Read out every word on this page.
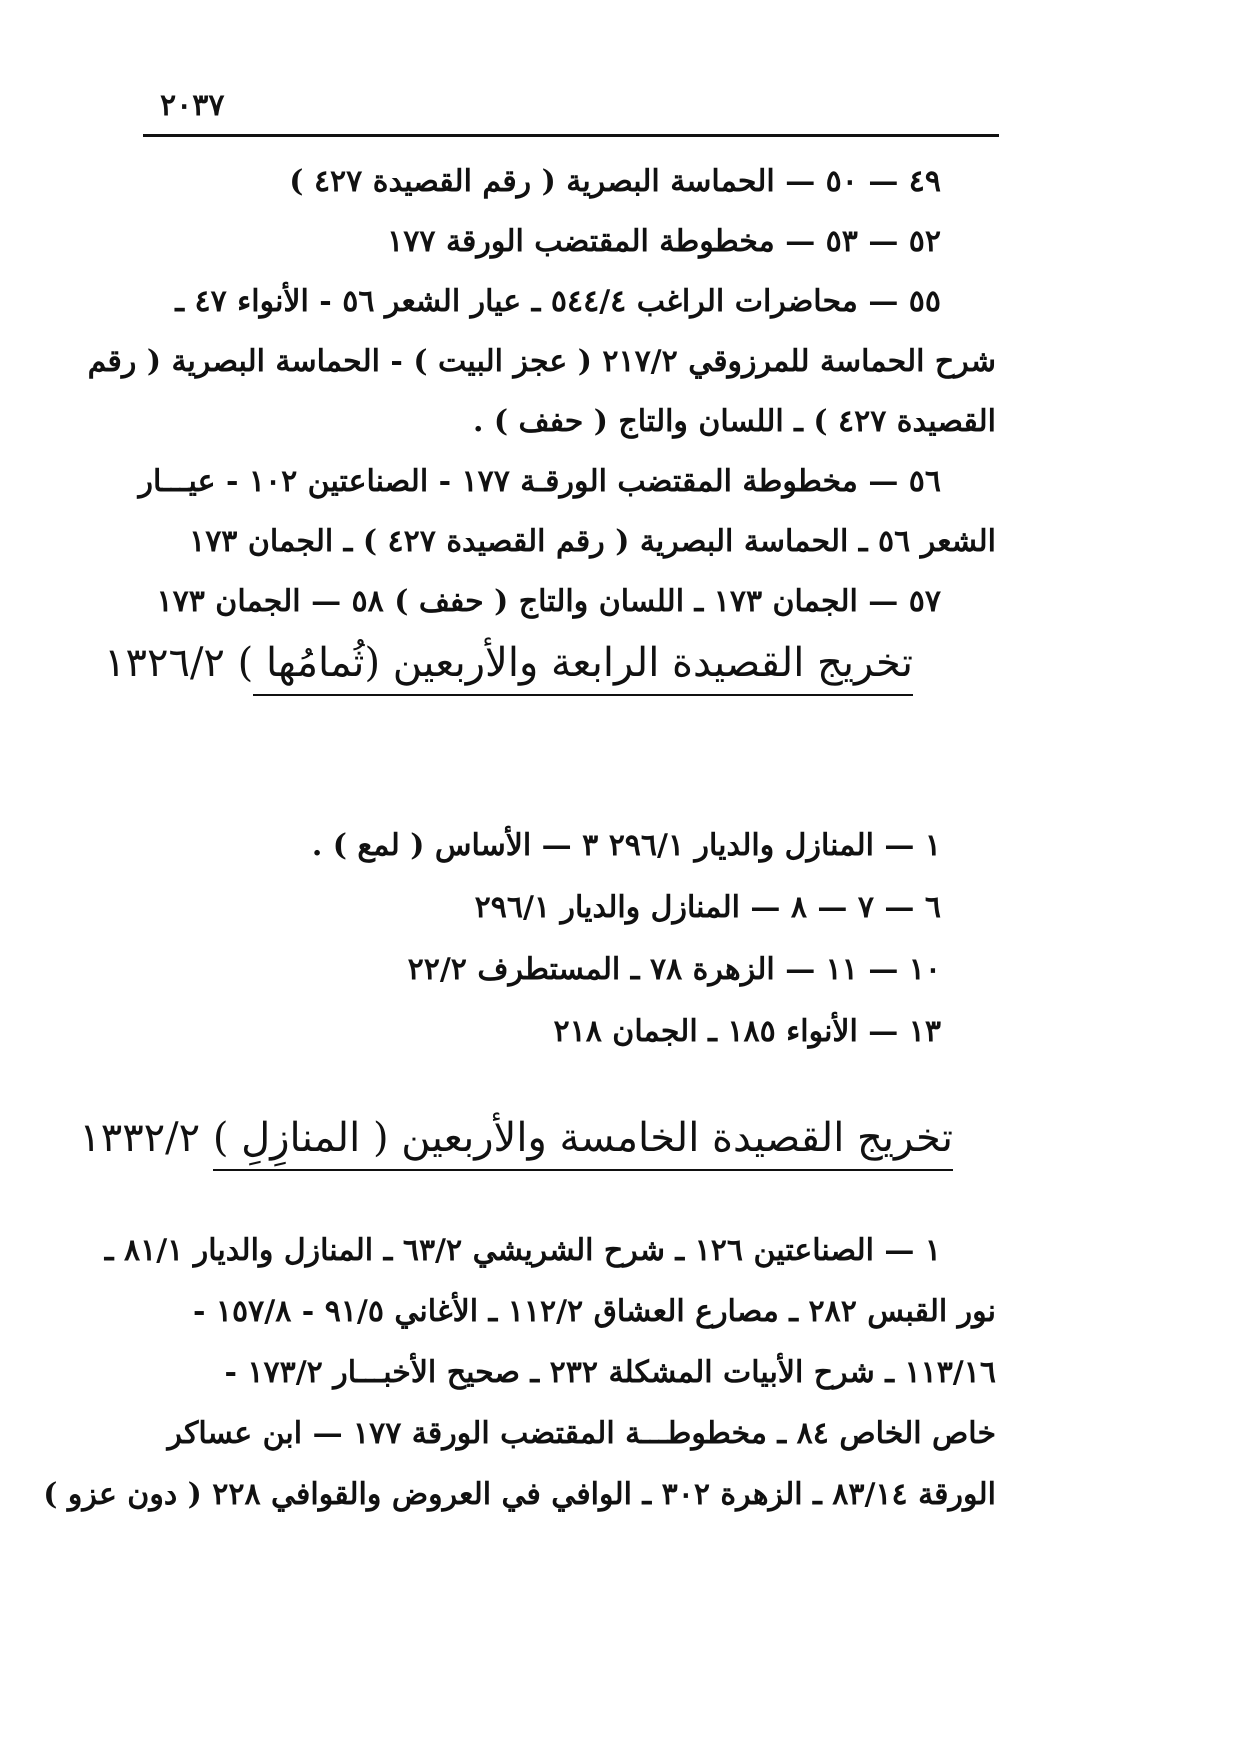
٢٠٣٧
٤٩ — ٥٠ — الحماسة البصرية ( رقم القصيدة ٤٢٧ )
٥٢ — ٥٣ — مخطوطة المقتضب الورقة ١٧٧
٥٥ — محاضرات الراغب ٥٤٤/٤ ـ عيار الشعر ٥٦ - الأنواء ٤٧ ـ
شرح الحماسة للمرزوقي ٢١٧/٢ ( عجز البيت ) - الحماسة البصرية ( رقم
القصيدة ٤٢٧ ) ـ اللسان والتاج ( حفف ) .
٥٦ — مخطوطة المقتضب الورقـة ١٧٧ - الصناعتين ١٠٢ - عيـــار
الشعر ٥٦ ـ الحماسة البصرية ( رقم القصيدة ٤٢٧ ) ـ الجمان ١٧٣
٥٧ — الجمان ١٧٣ ـ اللسان والتاج ( حفف ) ٥٨ — الجمان ١٧٣
تخريج القصيدة الرابعة والأربعين (ثُمامُها ) ١٣٢٦/٢
١ — المنازل والديار ٢٩٦/١ ٣ — الأساس ( لمع ) .
٦ — ٧ — ٨ — المنازل والديار ٢٩٦/١
١٠ — ١١ — الزهرة ٧٨ ـ المستطرف ٢٢/٢
١٣ — الأنواء ١٨٥ ـ الجمان ٢١٨
تخريج القصيدة الخامسة والأربعين ( المنازِلِ ) ١٣٣٢/٢
١ — الصناعتين ١٢٦ ـ شرح الشريشي ٦٣/٢ ـ المنازل والديار ٨١/١ ـ
نور القبس ٢٨٢ ـ مصارع العشاق ١١٢/٢ ـ الأغاني ٩١/٥ - ١٥٧/٨ -
١١٣/١٦ ـ شرح الأبيات المشكلة ٢٣٢ ـ صحيح الأخبـــار ١٧٣/٢ -
خاص الخاص ٨٤ ـ مخطوطـــة المقتضب الورقة ١٧٧ — ابن عساكر
الورقة ٨٣/١٤ ـ الزهرة ٣٠٢ ـ الوافي في العروض والقوافي ٢٢٨ ( دون عزو )
